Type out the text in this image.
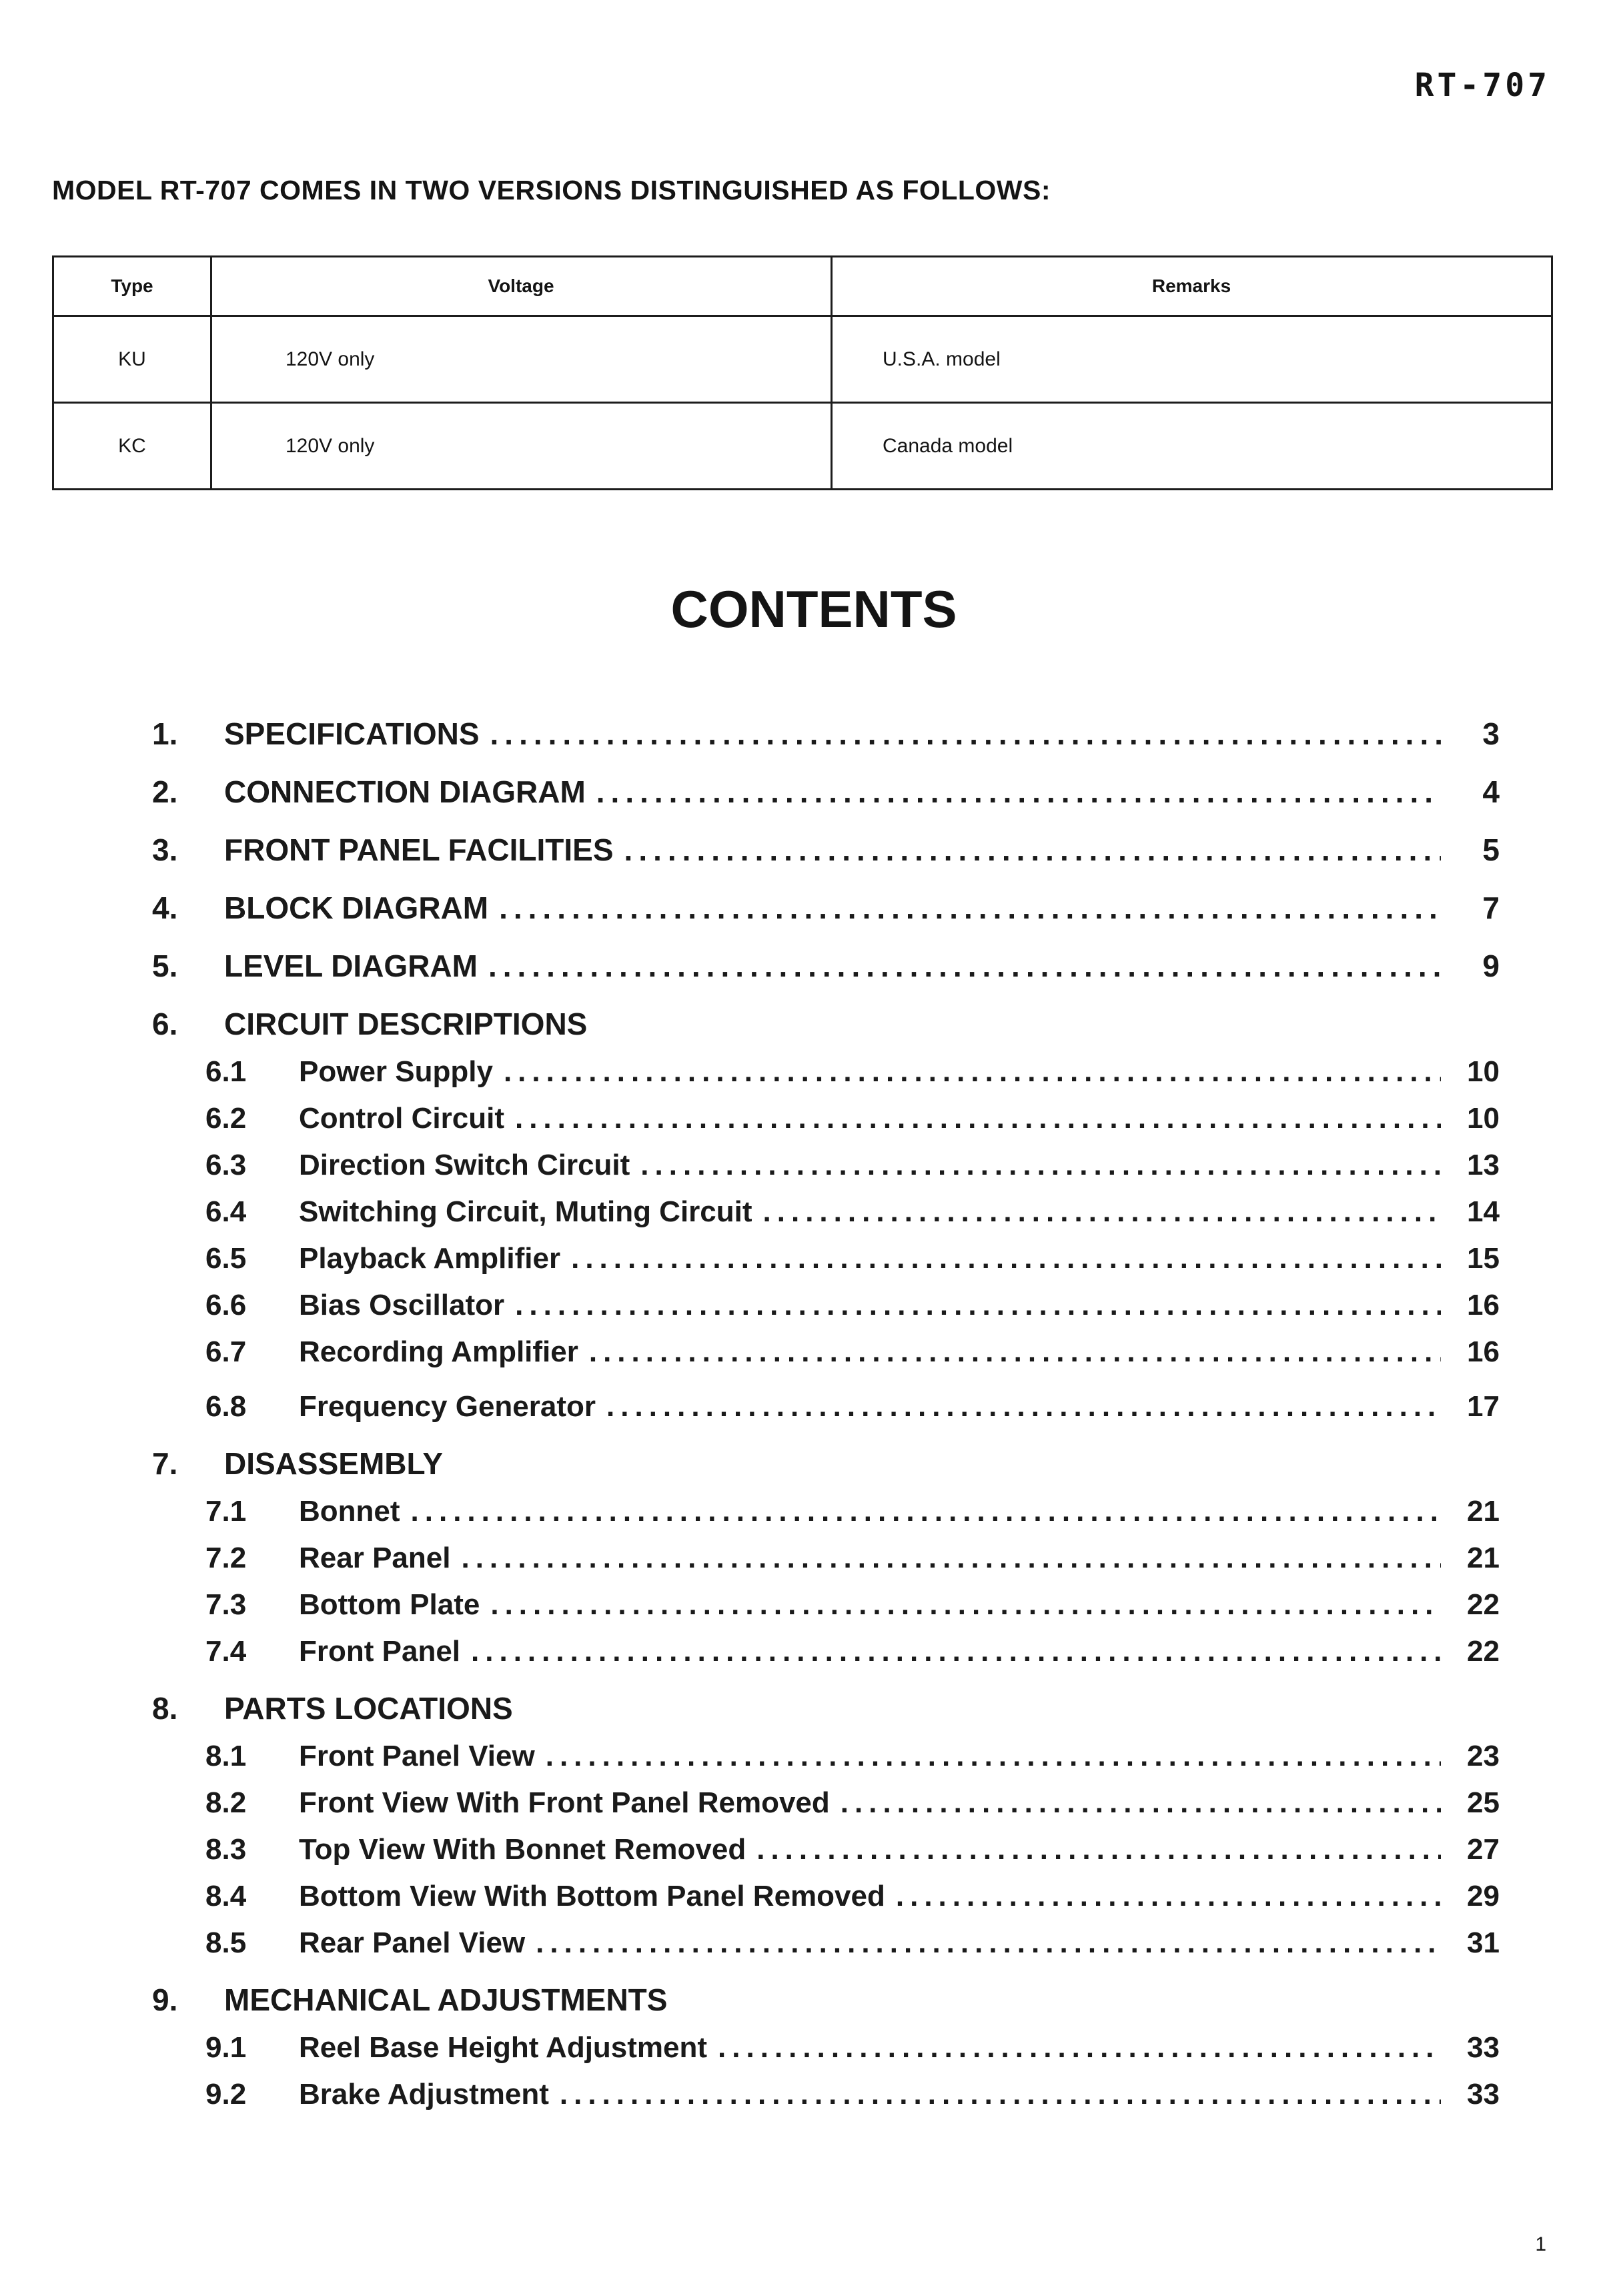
RT-707
MODEL RT-707 COMES IN TWO VERSIONS DISTINGUISHED AS FOLLOWS:
Type	Voltage	Remarks
KU	120V only	U.S.A. model
KC	120V only	Canada model
CONTENTS
1.	SPECIFICATIONS .....	3
2.	CONNECTION DIAGRAM .....	4
3.	FRONT PANEL FACILITIES .....	5
4.	BLOCK DIAGRAM .....	7
5.	LEVEL DIAGRAM .....	9
6.	CIRCUIT DESCRIPTIONS
6.1	Power Supply .....	10
6.2	Control Circuit .....	10
6.3	Direction Switch Circuit .....	13
6.4	Switching Circuit, Muting Circuit .....	14
6.5	Playback Amplifier .....	15
6.6	Bias Oscillator .....	16
6.7	Recording Amplifier .....	16
6.8	Frequency Generator .....	17
7.	DISASSEMBLY
7.1	Bonnet .....	21
7.2	Rear Panel .....	21
7.3	Bottom Plate .....	22
7.4	Front Panel .....	22
8.	PARTS LOCATIONS
8.1	Front Panel View .....	23
8.2	Front View With Front Panel Removed .....	25
8.3	Top View With Bonnet Removed .....	27
8.4	Bottom View With Bottom Panel Removed .....	29
8.5	Rear Panel View .....	31
9.	MECHANICAL ADJUSTMENTS
9.1	Reel Base Height Adjustment .....	33
9.2	Brake Adjustment .....	33
1
